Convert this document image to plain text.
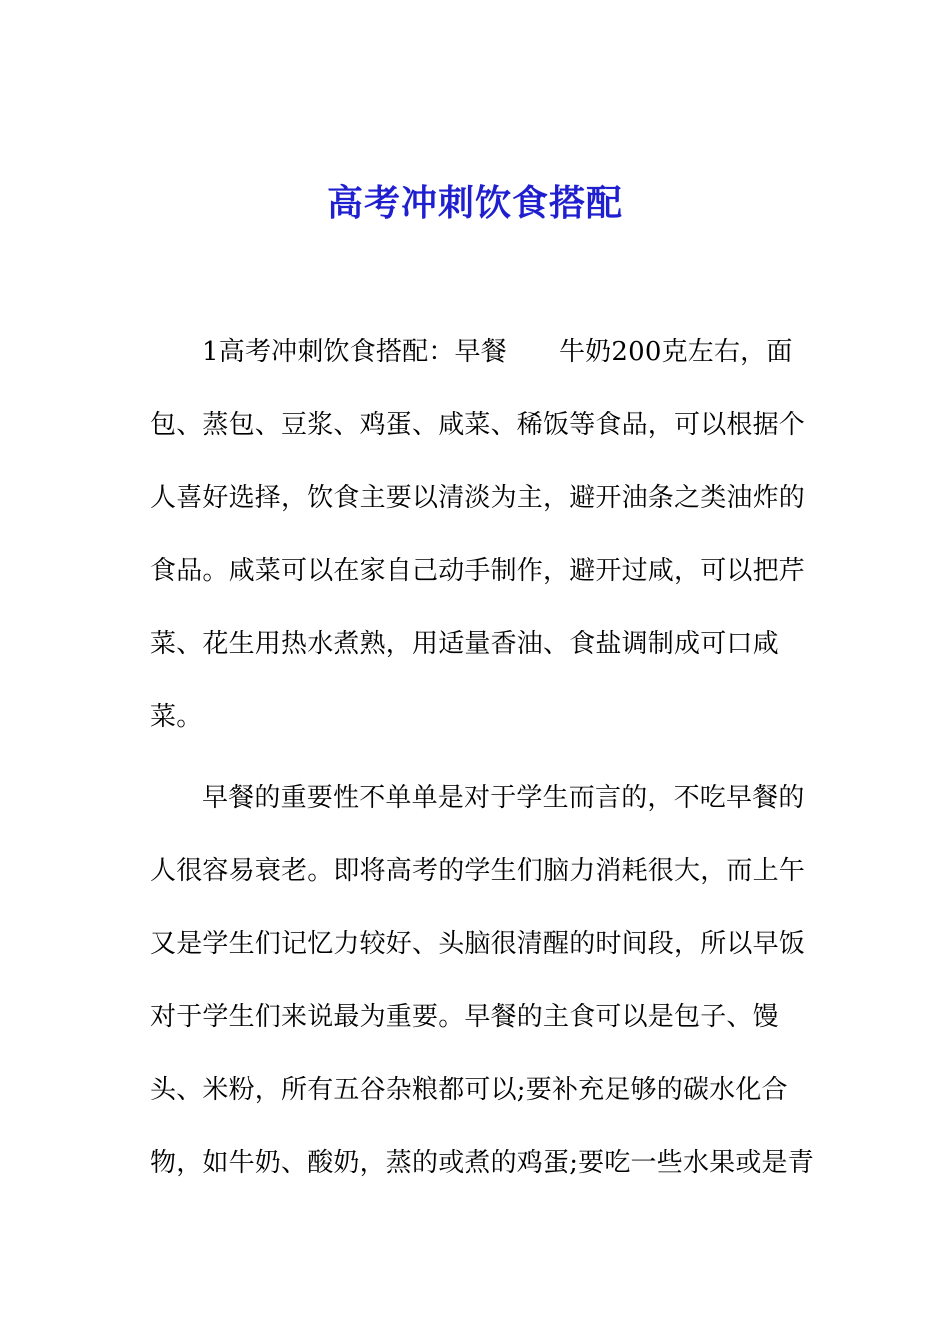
高考冲刺饮食搭配
1高考冲刺饮食搭配：早餐 牛奶200克左右，面
包、蒸包、豆浆、鸡蛋、咸菜、稀饭等食品，可以根据个
人喜好选择，饮食主要以清淡为主，避开油条之类油炸的
食品。咸菜可以在家自己动手制作，避开过咸，可以把芹
菜、花生用热水煮熟，用适量香油、食盐调制成可口咸
菜。
早餐的重要性不单单是对于学生而言的，不吃早餐的
人很容易衰老。即将高考的学生们脑力消耗很大，而上午
又是学生们记忆力较好、头脑很清醒的时间段，所以早饭
对于学生们来说最为重要。早餐的主食可以是包子、馒
头、米粉，所有五谷杂粮都可以;要补充足够的碳水化合
物，如牛奶、酸奶，蒸的或煮的鸡蛋;要吃一些水果或是青
